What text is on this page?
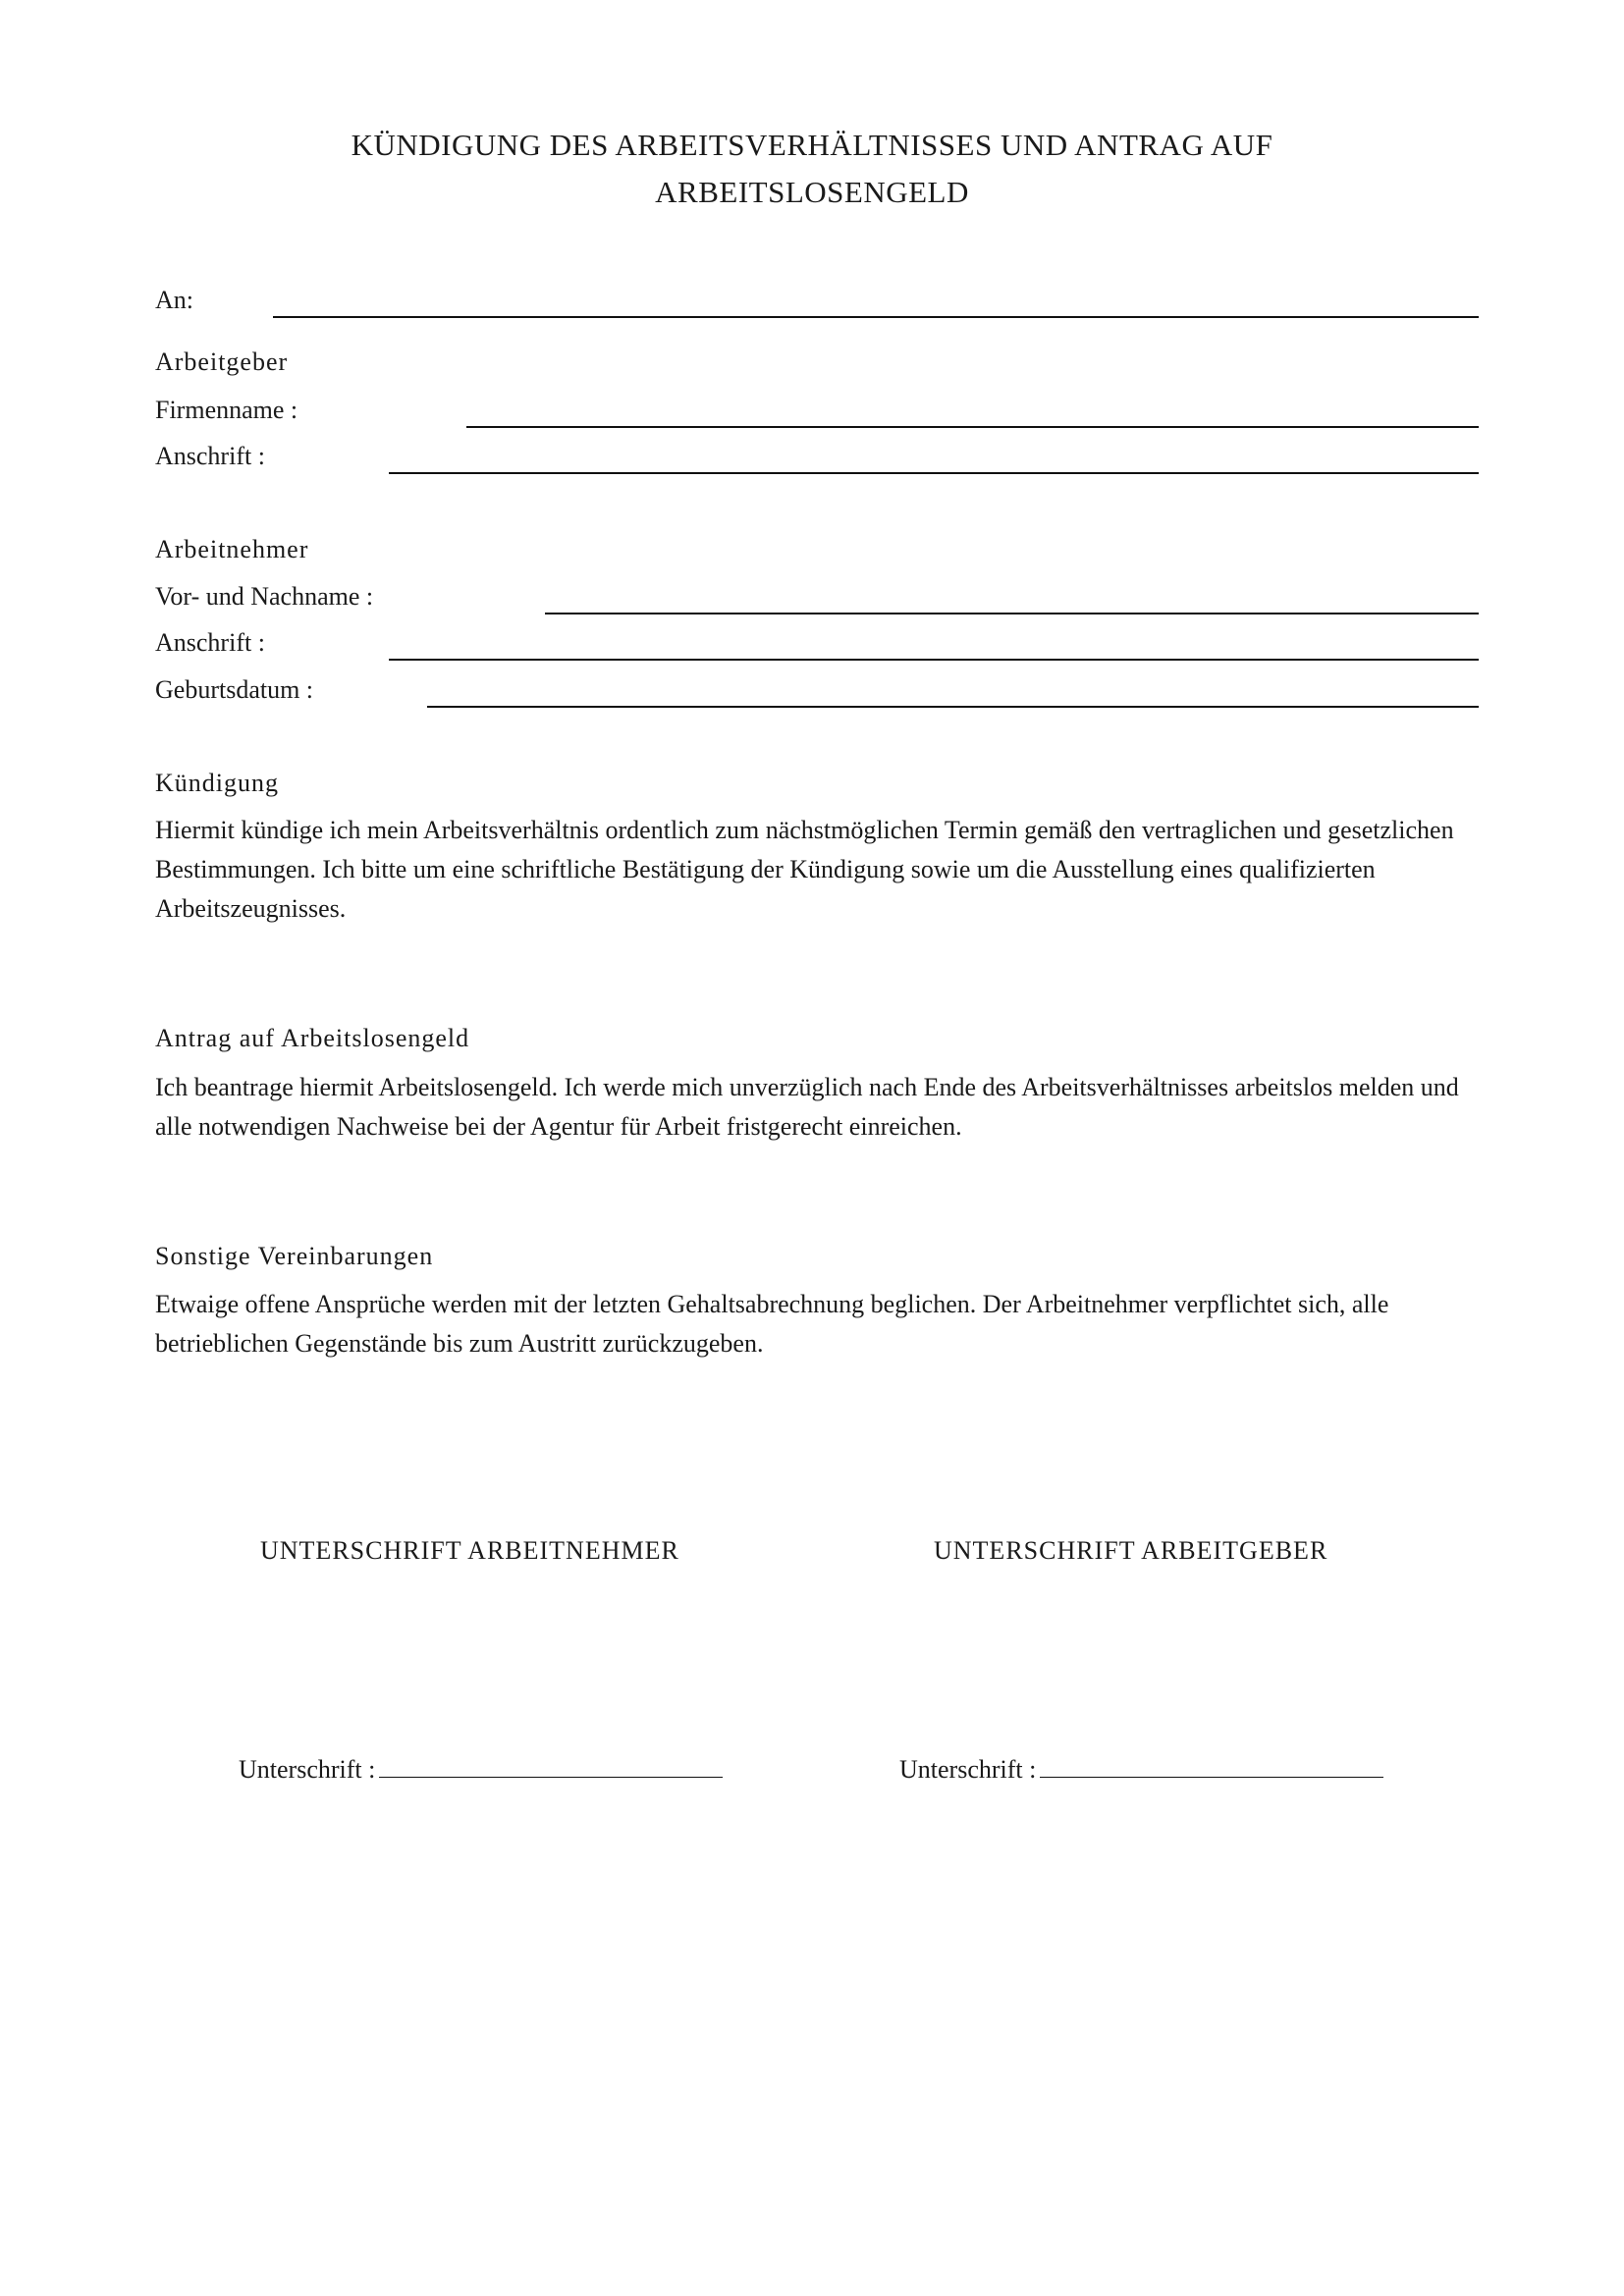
KÜNDIGUNG DES ARBEITSVERHÄLTNISSES UND ANTRAG AUF
ARBEITSLOSENGELD
An:
Arbeitgeber
Firmenname :
Anschrift :
Arbeitnehmer
Vor- und Nachname :
Anschrift :
Geburtsdatum :
Kündigung
Hiermit kündige ich mein Arbeitsverhältnis ordentlich zum nächstmöglichen Termin gemäß den vertraglichen und gesetzlichen Bestimmungen. Ich bitte um eine schriftliche Bestätigung der Kündigung sowie um die Ausstellung eines qualifizierten Arbeitszeugnisses.
Antrag auf Arbeitslosengeld
Ich beantrage hiermit Arbeitslosengeld. Ich werde mich unverzüglich nach Ende des Arbeitsverhältnisses arbeitslos melden und alle notwendigen Nachweise bei der Agentur für Arbeit fristgerecht einreichen.
Sonstige Vereinbarungen
Etwaige offene Ansprüche werden mit der letzten Gehaltsabrechnung beglichen. Der Arbeitnehmer verpflichtet sich, alle betrieblichen Gegenstände bis zum Austritt zurückzugeben.
UNTERSCHRIFT ARBEITNEHMER	UNTERSCHRIFT ARBEITGEBER
Unterschrift :	Unterschrift :
